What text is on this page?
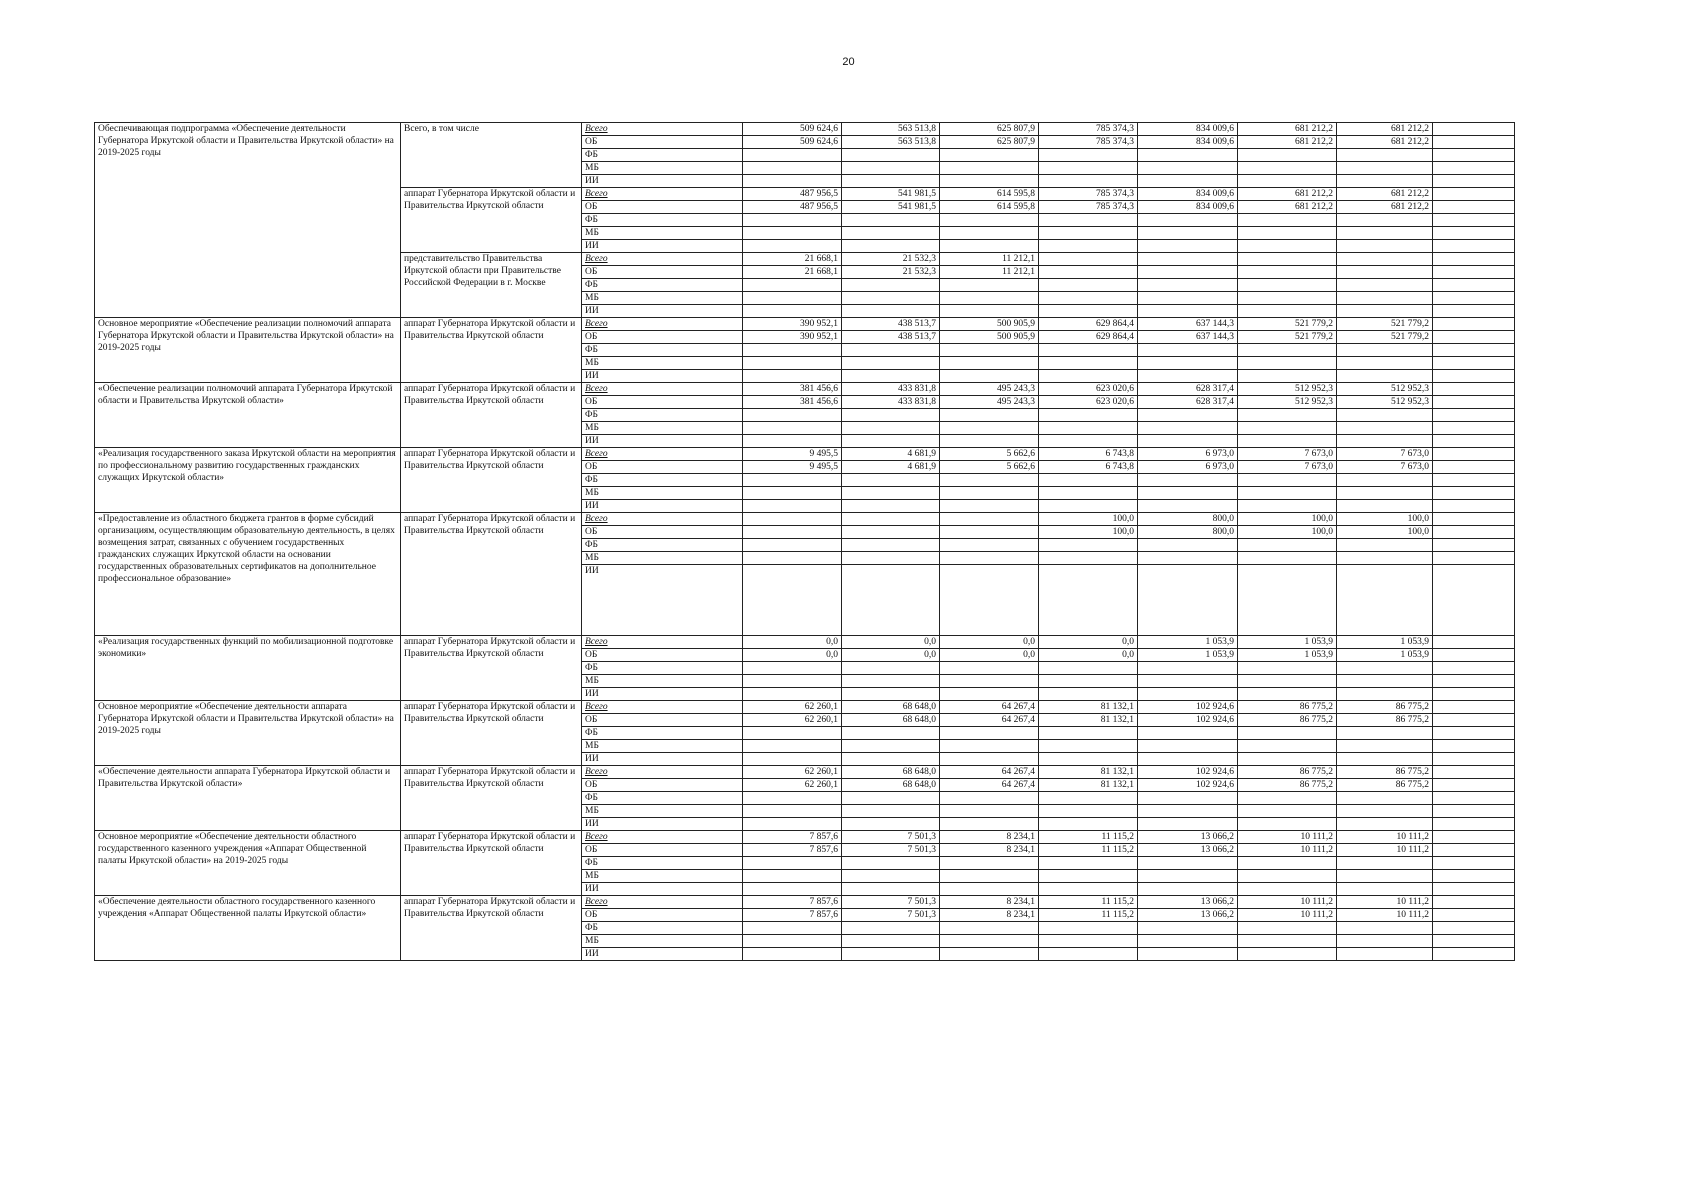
20
Обеспечивающая подпрограмма «Обеспечение деятельности Губернатора Иркутской области и Правительства Иркутской области» на 2019-2025 годы	Всего, в том числе	Всего	509 624,6	563 513,8	625 807,9	785 374,3	834 009,6	681 212,2	681 212,2	
		ОБ	509 624,6	563 513,8	625 807,9	785 374,3	834 009,6	681 212,2	681 212,2	
		ФБ								
		МБ								
		ИИ								
	аппарат Губернатора Иркутской области и Правительства Иркутской области	Всего	487 956,5	541 981,5	614 595,8	785 374,3	834 009,6	681 212,2	681 212,2	
		ОБ	487 956,5	541 981,5	614 595,8	785 374,3	834 009,6	681 212,2	681 212,2	
		ФБ								
		МБ								
		ИИ								
	представительство Правительства Иркутской области при Правительстве Российской Федерации в г. Москве	Всего	21 668,1	21 532,3	11 212,1					
		ОБ	21 668,1	21 532,3	11 212,1					
		ФБ								
		МБ								
		ИИ								
Основное мероприятие «Обеспечение реализации полномочий аппарата Губернатора Иркутской области и Правительства Иркутской области» на 2019-2025 годы	аппарат Губернатора Иркутской области и Правительства Иркутской области	Всего	390 952,1	438 513,7	500 905,9	629 864,4	637 144,3	521 779,2	521 779,2	
		ОБ	390 952,1	438 513,7	500 905,9	629 864,4	637 144,3	521 779,2	521 779,2	
		ФБ								
		МБ								
		ИИ								
«Обеспечение реализации полномочий аппарата Губернатора Иркутской области и Правительства Иркутской области»	аппарат Губернатора Иркутской области и Правительства Иркутской области	Всего	381 456,6	433 831,8	495 243,3	623 020,6	628 317,4	512 952,3	512 952,3	
		ОБ	381 456,6	433 831,8	495 243,3	623 020,6	628 317,4	512 952,3	512 952,3	
		ФБ								
		МБ								
		ИИ								
«Реализация государственного заказа Иркутской области на мероприятия по профессиональному развитию государственных гражданских служащих Иркутской области»	аппарат Губернатора Иркутской области и Правительства Иркутской области	Всего	9 495,5	4 681,9	5 662,6	6 743,8	6 973,0	7 673,0	7 673,0	
		ОБ	9 495,5	4 681,9	5 662,6	6 743,8	6 973,0	7 673,0	7 673,0	
		ФБ								
		МБ								
		ИИ								
«Предоставление из областного бюджета грантов в форме субсидий организациям, осуществляющим образовательную деятельность, в целях возмещения затрат, связанных с обучением государственных гражданских служащих Иркутской области на основании государственных образовательных сертификатов на дополнительное профессиональное образование»	аппарат Губернатора Иркутской области и Правительства Иркутской области	Всего				100,0	800,0	100,0	100,0	
		ОБ				100,0	800,0	100,0	100,0	
		ФБ								
		МБ								
		ИИ								
«Реализация государственных функций по мобилизационной подготовке экономики»	аппарат Губернатора Иркутской области и Правительства Иркутской области	Всего	0,0	0,0	0,0	0,0	1 053,9	1 053,9	1 053,9	
		ОБ	0,0	0,0	0,0	0,0	1 053,9	1 053,9	1 053,9	
		ФБ								
		МБ								
		ИИ								
Основное мероприятие «Обеспечение деятельности аппарата Губернатора Иркутской области и Правительства Иркутской области» на 2019-2025 годы	аппарат Губернатора Иркутской области и Правительства Иркутской области	Всего	62 260,1	68 648,0	64 267,4	81 132,1	102 924,6	86 775,2	86 775,2	
		ОБ	62 260,1	68 648,0	64 267,4	81 132,1	102 924,6	86 775,2	86 775,2	
		ФБ								
		МБ								
		ИИ								
«Обеспечение деятельности аппарата Губернатора Иркутской области и Правительства Иркутской области»	аппарат Губернатора Иркутской области и Правительства Иркутской области	Всего	62 260,1	68 648,0	64 267,4	81 132,1	102 924,6	86 775,2	86 775,2	
		ОБ	62 260,1	68 648,0	64 267,4	81 132,1	102 924,6	86 775,2	86 775,2	
		ФБ								
		МБ								
		ИИ								
Основное мероприятие «Обеспечение деятельности областного государственного казенного учреждения «Аппарат Общественной палаты Иркутской области» на 2019-2025 годы	аппарат Губернатора Иркутской области и Правительства Иркутской области	Всего	7 857,6	7 501,3	8 234,1	11 115,2	13 066,2	10 111,2	10 111,2	
		ОБ	7 857,6	7 501,3	8 234,1	11 115,2	13 066,2	10 111,2	10 111,2	
		ФБ								
		МБ								
		ИИ								
«Обеспечение деятельности областного государственного казенного учреждения «Аппарат Общественной палаты Иркутской области»	аппарат Губернатора Иркутской области и Правительства Иркутской области	Всего	7 857,6	7 501,3	8 234,1	11 115,2	13 066,2	10 111,2	10 111,2	
		ОБ	7 857,6	7 501,3	8 234,1	11 115,2	13 066,2	10 111,2	10 111,2	
		ФБ								
		МБ								
		ИИ								
